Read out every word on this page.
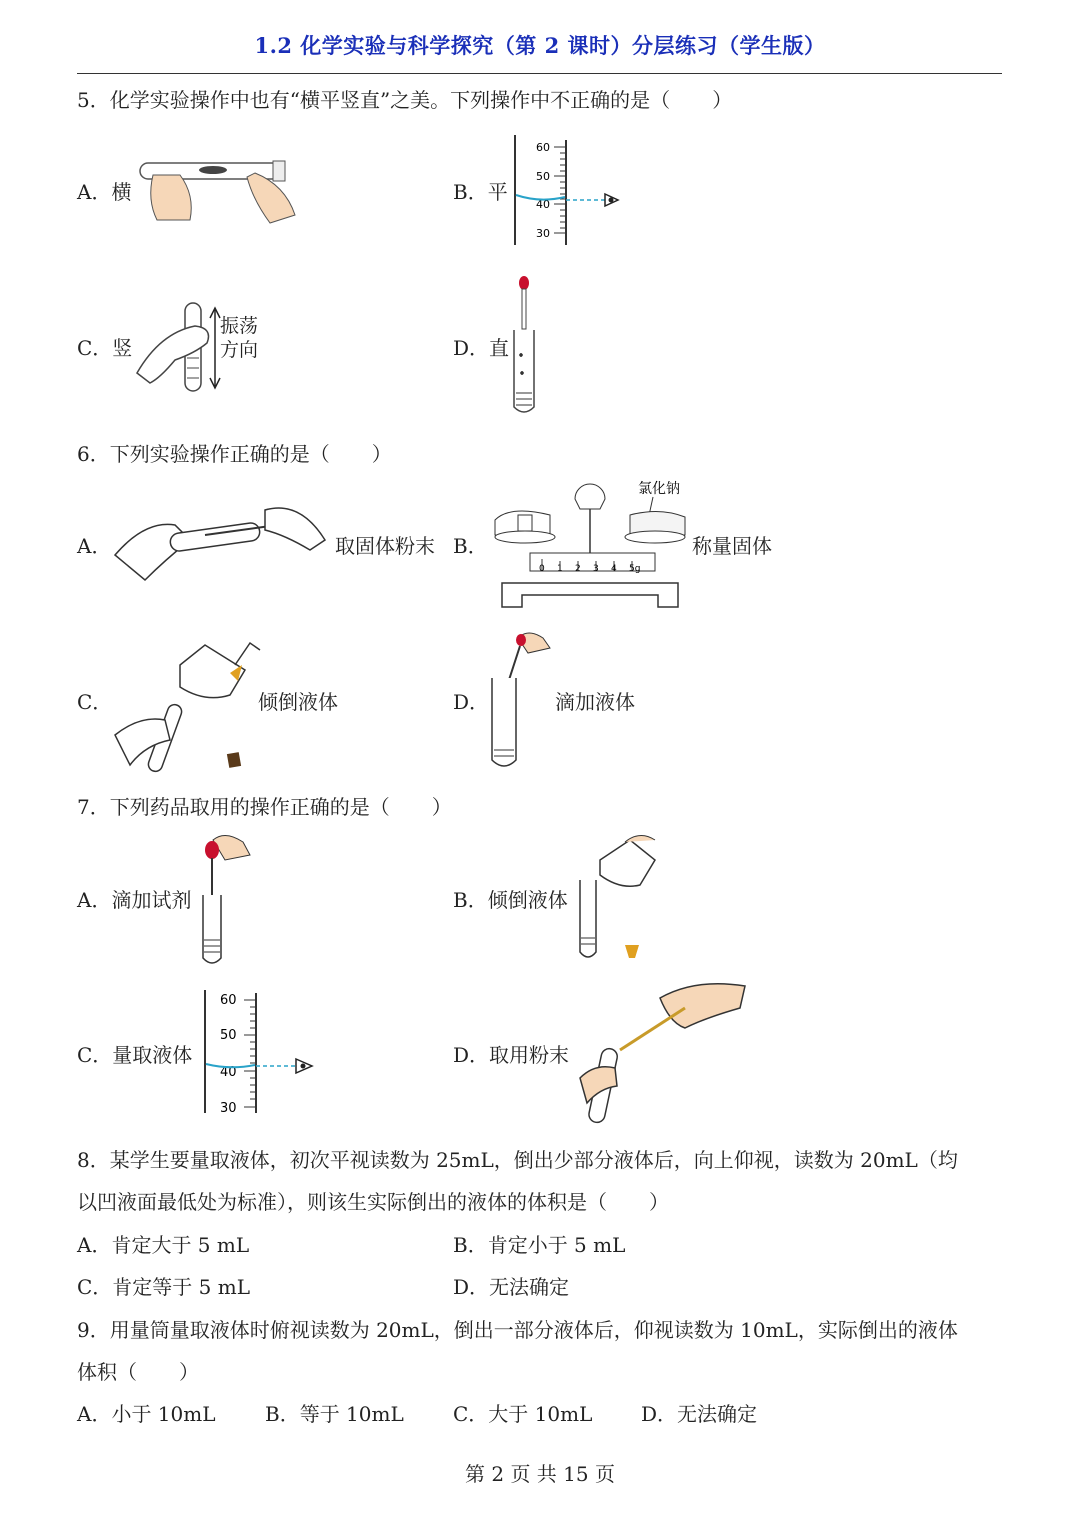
1.2 化学实验与科学探究（第 2 课时）分层练习（学生版）
5．化学实验操作中也有“横平竖直”之美。下列操作中不正确的是（ ）
A．横	B．平
60
50
40
30
C．竖
振荡
方向	D．直
6．下列实验操作正确的是（ ）
A．	取固体粉末 B．
氯化钠
0 1 2 3 4 5g
称量固体
C．	倾倒液体	D．	滴加液体
7．下列药品取用的操作正确的是（ ）
A．滴加试剂	B．倾倒液体
C．量取液体
60
50
40
30
D．取用粉末
8．某学生要量取液体，初次平视读数为 25mL，倒出少部分液体后，向上仰视，读数为 20mL（均
以凹液面最低处为标准），则该生实际倒出的液体的体积是（ ）
A．肯定大于 5 mL	B．肯定小于 5 mL
C．肯定等于 5 mL	D．无法确定
9．用量筒量取液体时俯视读数为 20mL，倒出一部分液体后，仰视读数为 10mL，实际倒出的液体
体积（ ）
A．小于 10mL B．等于 10mL C．大于 10mL D．无法确定
第 2 页 共 15 页
